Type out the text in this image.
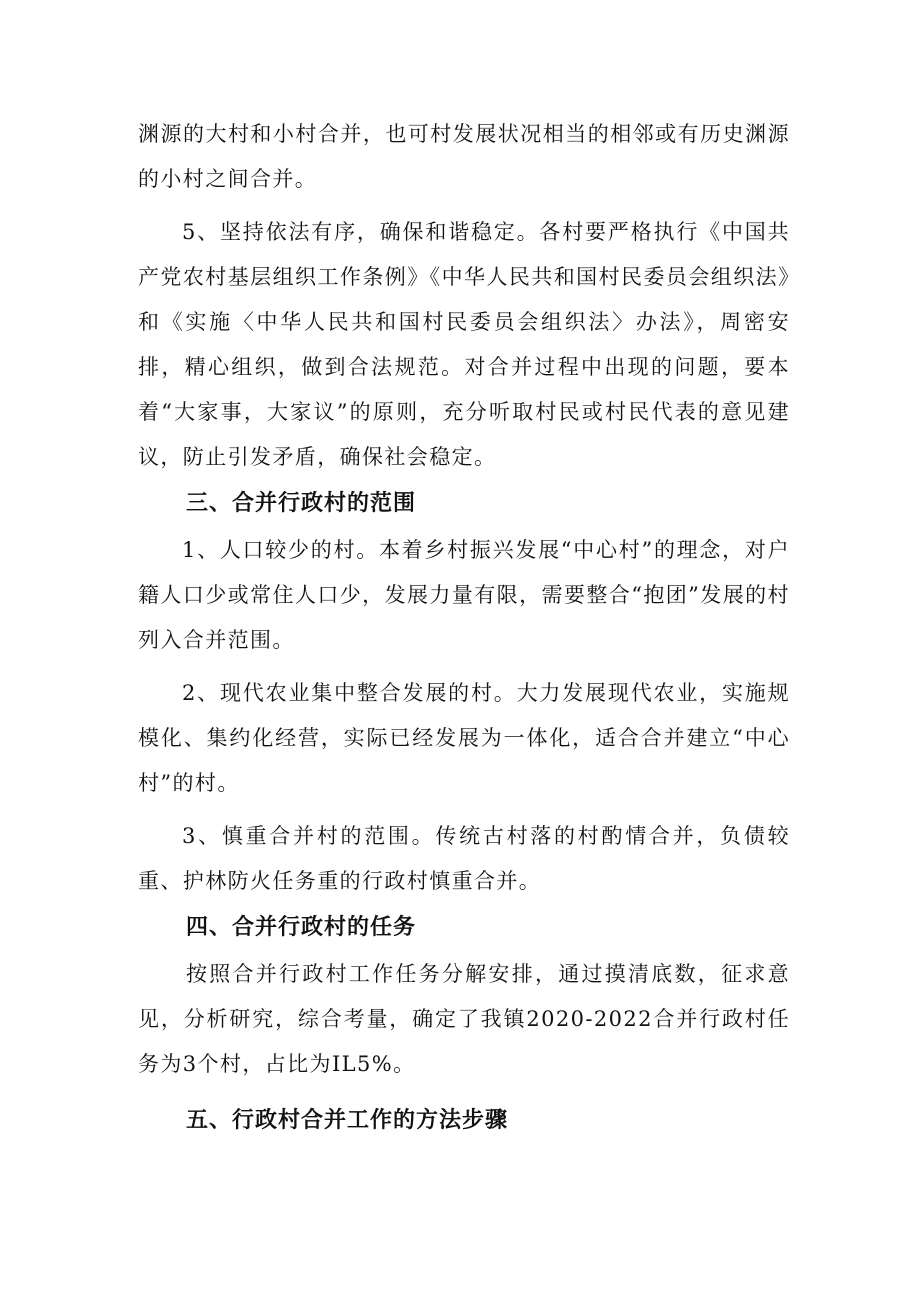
渊源的大村和小村合并，也可村发展状况相当的相邻或有历史渊源的小村之间合并。

5、坚持依法有序，确保和谐稳定。各村要严格执行《中国共产党农村基层组织工作条例》《中华人民共和国村民委员会组织法》和《实施〈中华人民共和国村民委员会组织法〉办法》，周密安排，精心组织，做到合法规范。对合并过程中出现的问题，要本着“大家事，大家议”的原则，充分听取村民或村民代表的意见建议，防止引发矛盾，确保社会稳定。

三、合并行政村的范围

1、人口较少的村。本着乡村振兴发展“中心村”的理念，对户籍人口少或常住人口少，发展力量有限，需要整合“抱团”发展的村列入合并范围。

2、现代农业集中整合发展的村。大力发展现代农业，实施规模化、集约化经营，实际已经发展为一体化，适合合并建立“中心村”的村。

3、慎重合并村的范围。传统古村落的村酌情合并，负债较重、护林防火任务重的行政村慎重合并。

四、合并行政村的任务

按照合并行政村工作任务分解安排，通过摸清底数，征求意见，分析研究，综合考量，确定了我镇2020-2022合并行政村任务为3个村，占比为IL5%。

五、行政村合并工作的方法步骤
